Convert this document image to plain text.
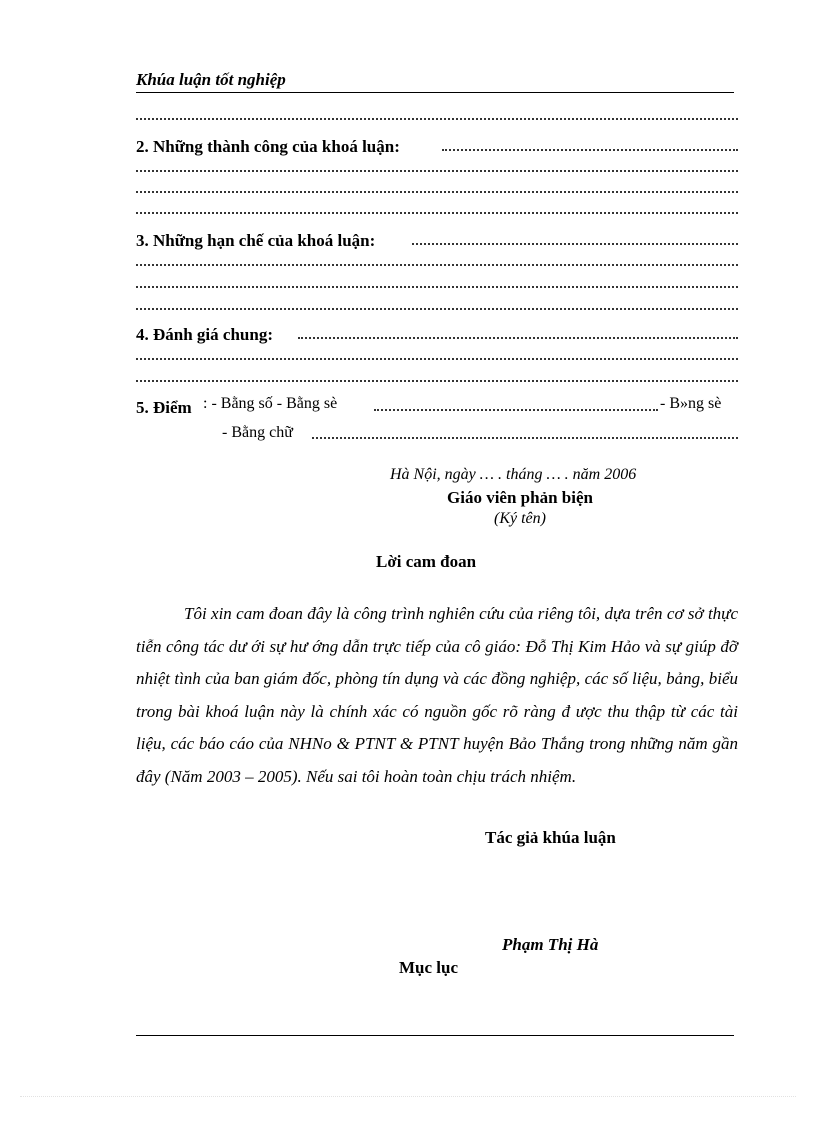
Khúa luận tốt nghiệp
2. Những thành công của khoá luận:
3. Những hạn chế của khoá luận:
4. Đánh giá chung:
5. Điểm : - Bằng số - Bằng sè	- B»ng sè
- Bằng chữ
Hà Nội, ngày … . tháng … . năm 2006
Giáo viên phản biện
(Ký tên)
Lời cam đoan
Tôi xin cam đoan đây là công trình nghiên cứu của riêng tôi, dựa trên cơ sở thực tiễn công tác dư ới sự hư ớng dẫn trực tiếp của cô giáo: Đỗ Thị Kim Hảo và sự giúp đỡ nhiệt tình của ban giám đốc, phòng tín dụng và các đồng nghiệp, các số liệu, bảng, biểu trong bài khoá luận này là chính xác có nguồn gốc rõ ràng đ ược thu thập từ các tài liệu, các báo cáo của NHNo & PTNT & PTNT huyện Bảo Thắng trong những năm gần đây (Năm 2003 – 2005). Nếu sai tôi hoàn toàn chịu trách nhiệm.
Tác giả khúa luận
Phạm Thị Hà
Mục lục
